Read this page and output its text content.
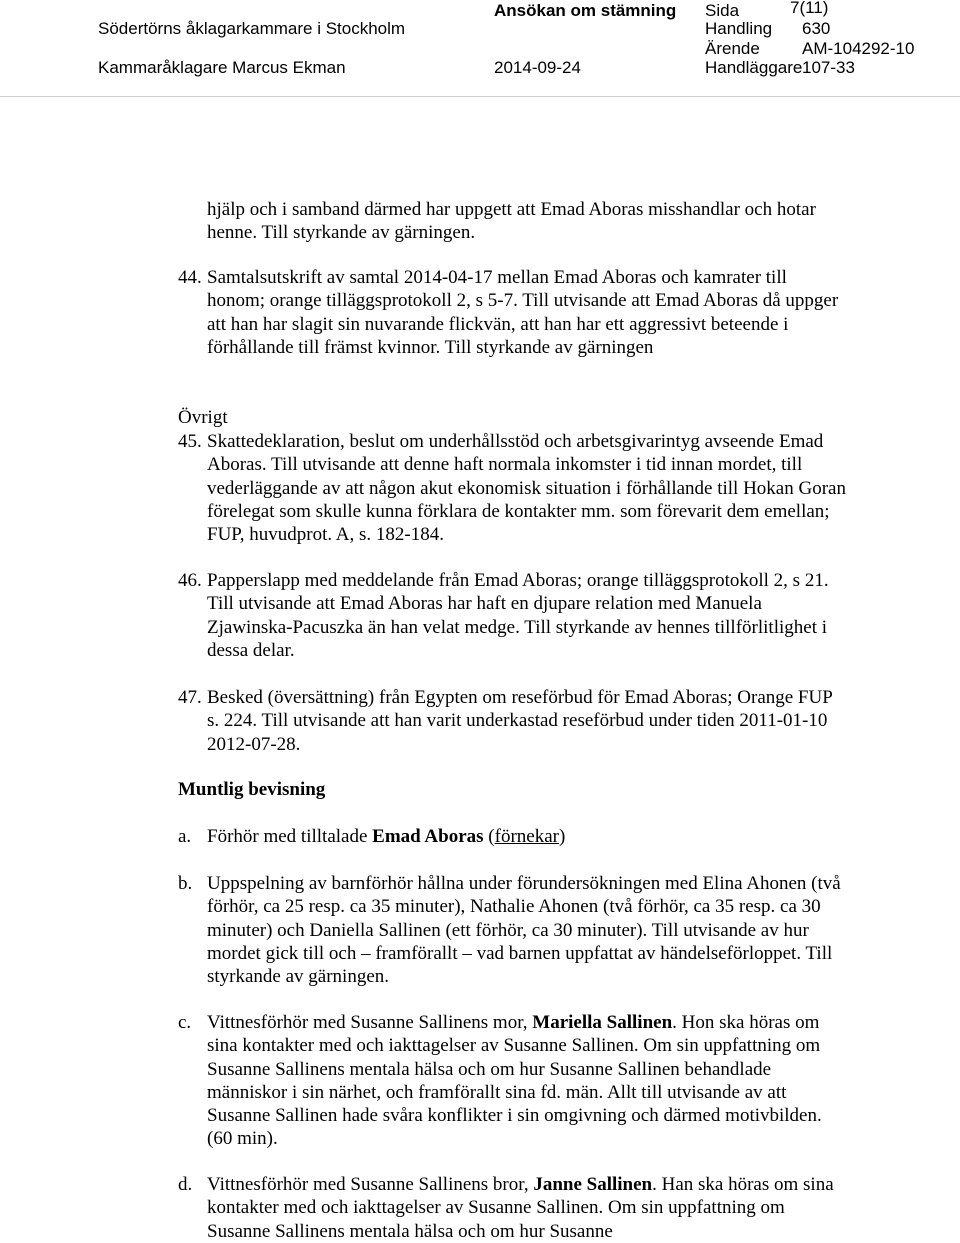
Södertörns åklagarkammare i Stockholm
Kammaråklagare Marcus Ekman
Ansökan om stämning
2014-09-24
Sida
Handling
Ärende
Handläggare
7(11)
630
AM-104292-10
107-33

hjälp och i samband därmed har uppgett att Emad Aboras misshandlar och hotar henne. Till styrkande av gärningen.

44. Samtalsutskrift av samtal 2014-04-17 mellan Emad Aboras och kamrater till honom; orange tilläggsprotokoll 2, s 5-7. Till utvisande att Emad Aboras då uppger att han har slagit sin nuvarande flickvän, att han har ett aggressivt beteende i förhållande till främst kvinnor. Till styrkande av gärningen

Övrigt

45. Skattedeklaration, beslut om underhållsstöd och arbetsgivarintyg avseende Emad Aboras. Till utvisande att denne haft normala inkomster i tid innan mordet, till vederläggande av att någon akut ekonomisk situation i förhållande till Hokan Goran förelegat som skulle kunna förklara de kontakter mm. som förevarit dem emellan; FUP, huvudprot. A, s. 182-184.
46. Papperslapp med meddelande från Emad Aboras; orange tilläggsprotokoll 2, s 21. Till utvisande att Emad Aboras har haft en djupare relation med Manuela Zjawinska-Pacuszka än han velat medge. Till styrkande av hennes tillförlitlighet i dessa delar.
47. Besked (översättning) från Egypten om reseförbud för Emad Aboras; Orange FUP s. 224. Till utvisande att han varit underkastad reseförbud under tiden 2011-01-10 2012-07-28.

Muntlig bevisning

a. Förhör med tilltalade Emad Aboras (förnekar)
b. Uppspelning av barnförhör hållna under förundersökningen med Elina Ahonen (två förhör, ca 25 resp. ca 35 minuter), Nathalie Ahonen (två förhör, ca 35 resp. ca 30 minuter) och Daniella Sallinen (ett förhör, ca 30 minuter). Till utvisande av hur mordet gick till och – framförallt – vad barnen uppfattat av händelseförloppet. Till styrkande av gärningen.
c. Vittnesförhör med Susanne Sallinens mor, Mariella Sallinen. Hon ska höras om sina kontakter med och iakttagelser av Susanne Sallinen. Om sin uppfattning om Susanne Sallinens mentala hälsa och om hur Susanne Sallinen behandlade människor i sin närhet, och framförallt sina fd. män. Allt till utvisande av att Susanne Sallinen hade svåra konflikter i sin omgivning och därmed motivbilden. (60 min).
d. Vittnesförhör med Susanne Sallinens bror, Janne Sallinen. Han ska höras om sina kontakter med och iakttagelser av Susanne Sallinen. Om sin uppfattning om Susanne Sallinens mentala hälsa och om hur Susanne
